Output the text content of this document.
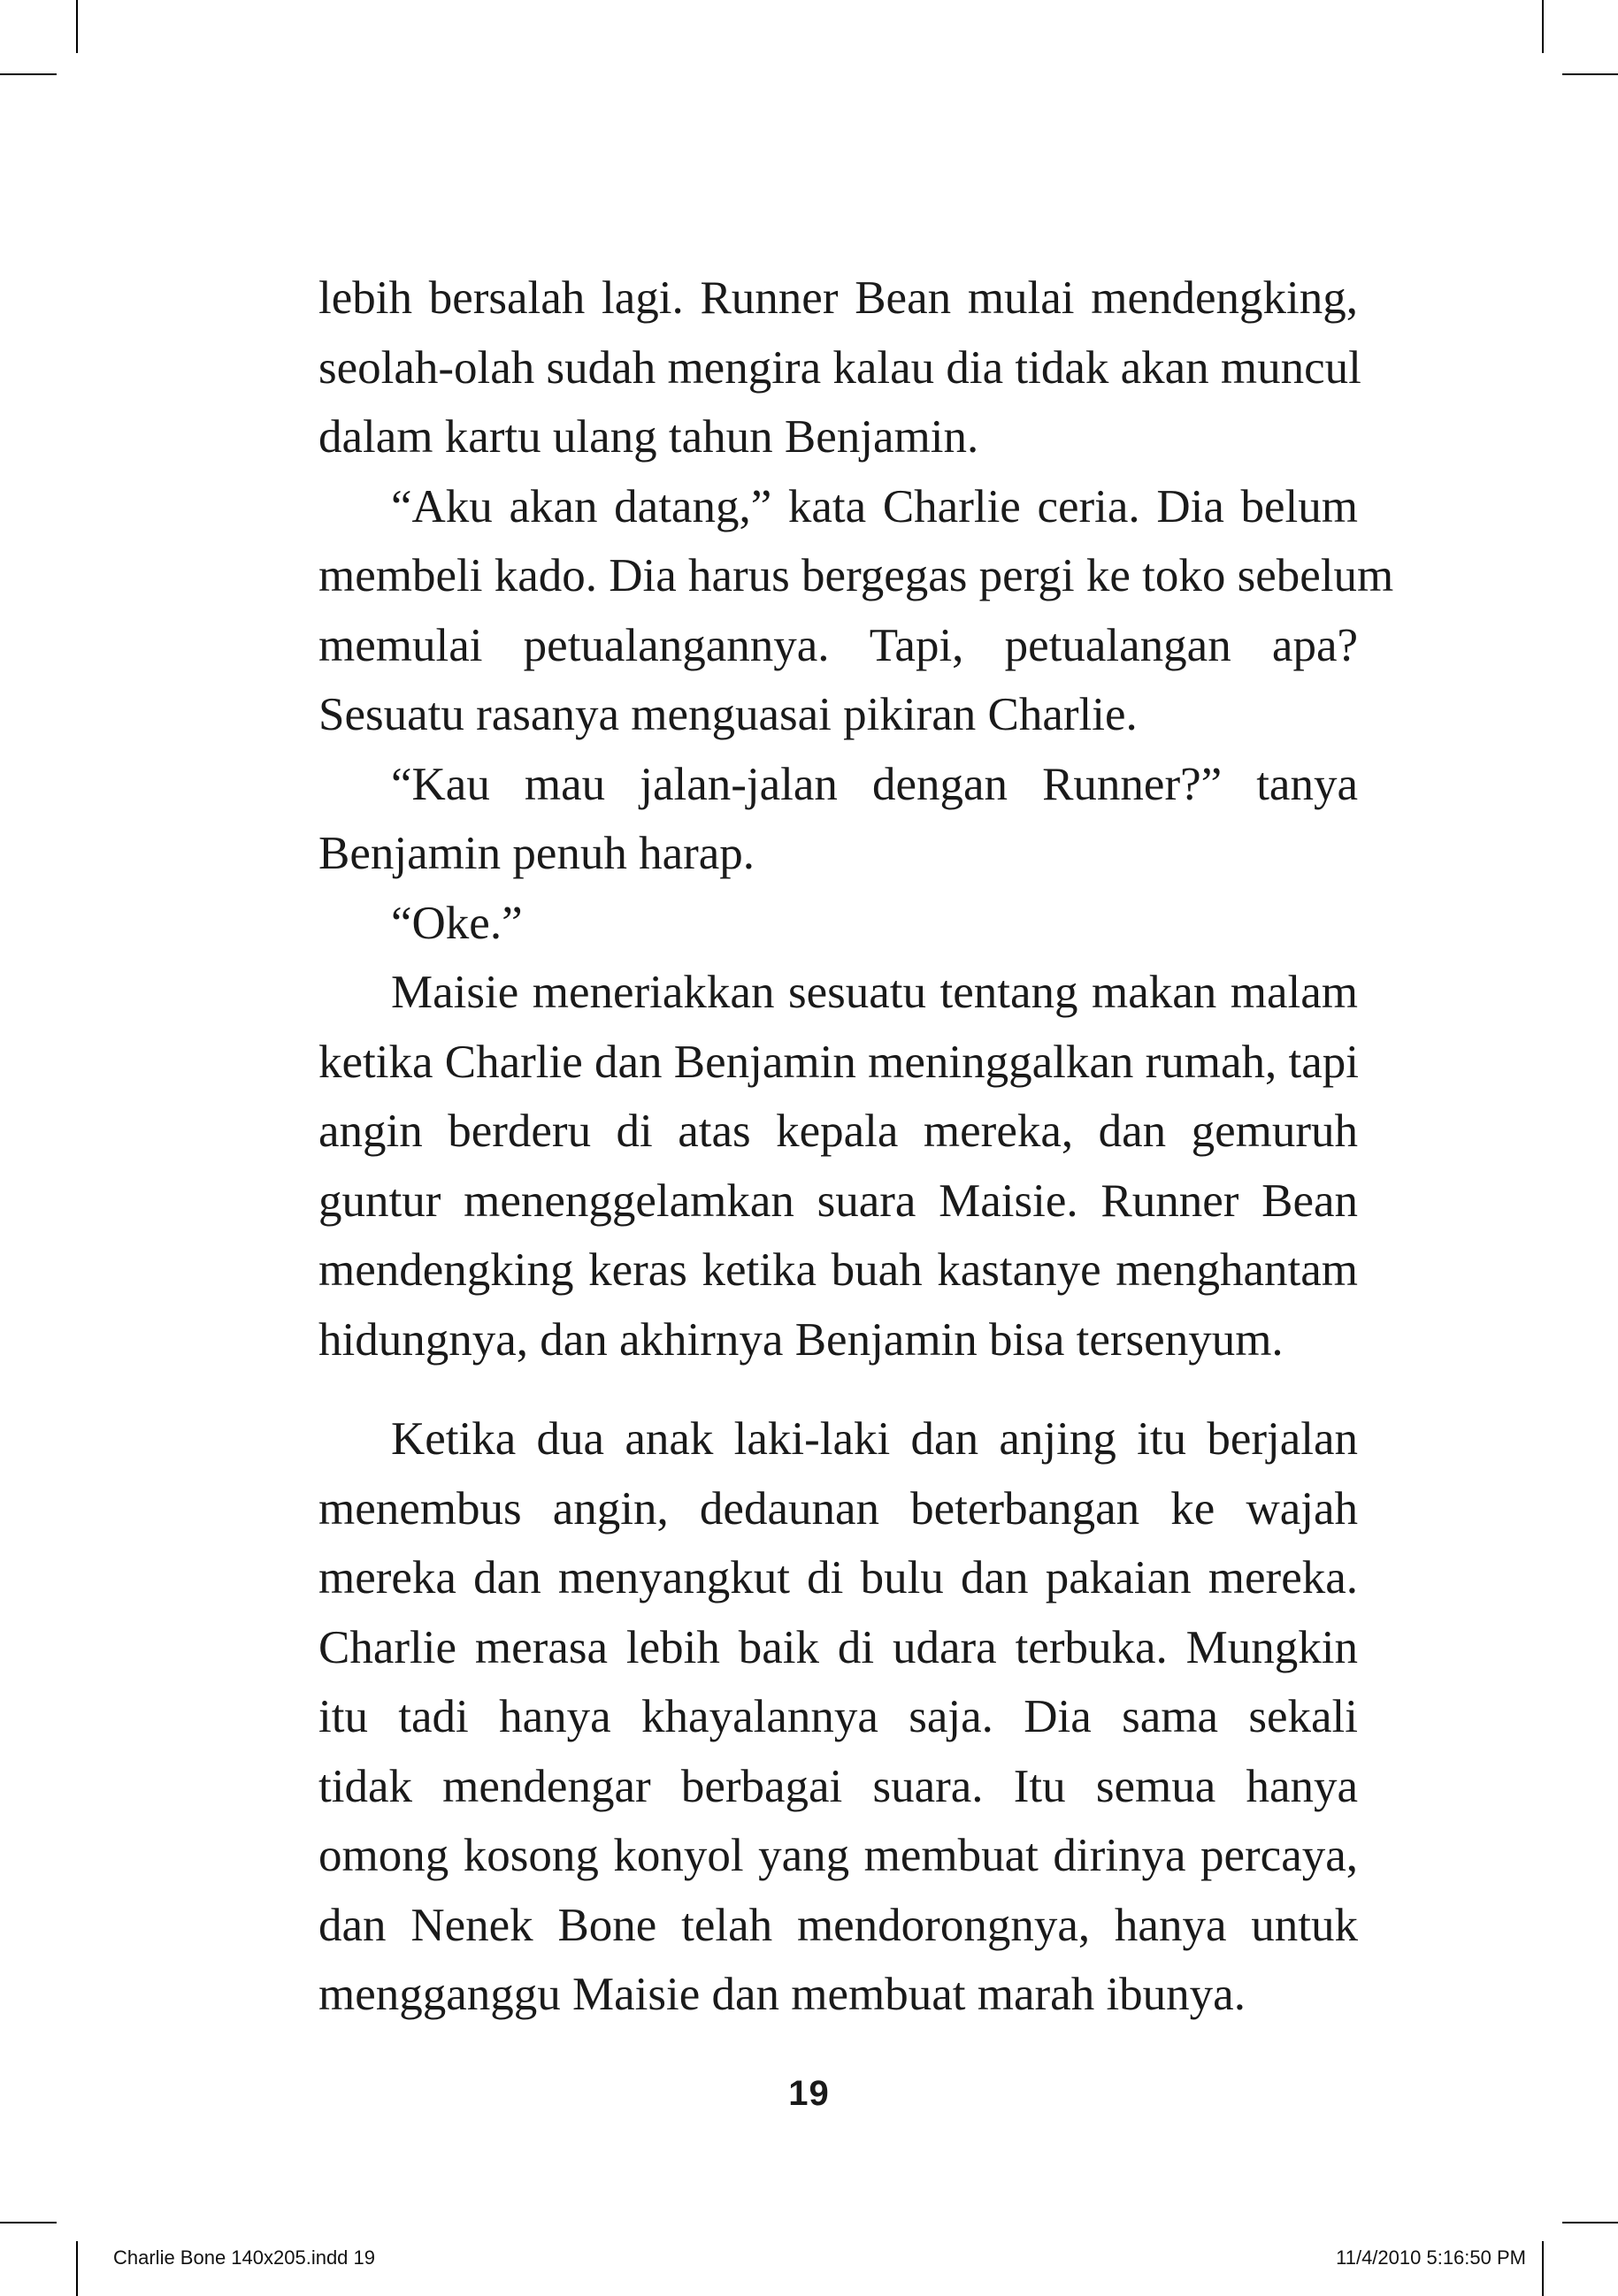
lebih bersalah lagi. Runner Bean mulai mendengking,
seolah-olah sudah mengira kalau dia tidak akan muncul
dalam kartu ulang tahun Benjamin.
“Aku akan datang,” kata Charlie ceria. Dia belum
membeli kado. Dia harus bergegas pergi ke toko sebelum
memulai petualangannya. Tapi, petualangan apa?
Sesuatu rasanya menguasai pikiran Charlie.
“Kau mau jalan-jalan dengan Runner?” tanya
Benjamin penuh harap.
“Oke.”
Maisie meneriakkan sesuatu tentang makan malam
ketika Charlie dan Benjamin meninggalkan rumah, tapi
angin berderu di atas kepala mereka, dan gemuruh
guntur menenggelamkan suara Maisie. Runner Bean
mendengking keras ketika buah kastanye menghantam
hidungnya, dan akhirnya Benjamin bisa tersenyum.
Ketika dua anak laki-laki dan anjing itu berjalan
menembus angin, dedaunan beterbangan ke wajah
mereka dan menyangkut di bulu dan pakaian mereka.
Charlie merasa lebih baik di udara terbuka. Mungkin
itu tadi hanya khayalannya saja. Dia sama sekali
tidak mendengar berbagai suara. Itu semua hanya
omong kosong konyol yang membuat dirinya percaya,
dan Nenek Bone telah mendorongnya, hanya untuk
mengganggu Maisie dan membuat marah ibunya.
19
Charlie Bone 140x205.indd 19	11/4/2010 5:16:50 PM
